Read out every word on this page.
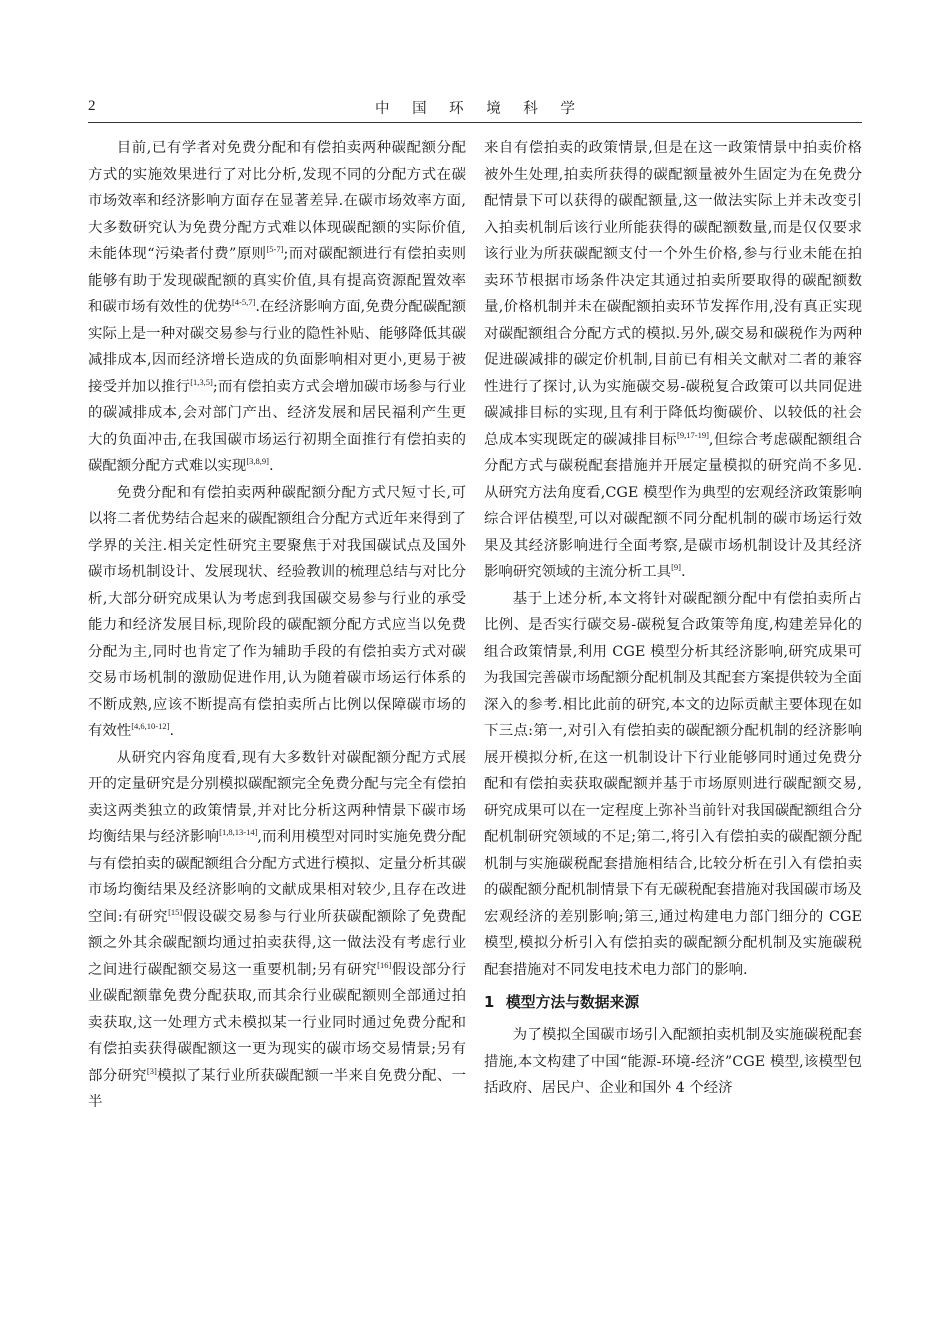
2	中 国 环 境 科 学

目前,已有学者对免费分配和有偿拍卖两种碳配额分配方式的实施效果进行了对比分析,发现不同的分配方式在碳市场效率和经济影响方面存在显著差异.在碳市场效率方面,大多数研究认为免费分配方式难以体现碳配额的实际价值,未能体现“污染者付费”原则[5-7];而对碳配额进行有偿拍卖则能够有助于发现碳配额的真实价值,具有提高资源配置效率和碳市场有效性的优势[4-5,7].在经济影响方面,免费分配碳配额实际上是一种对碳交易参与行业的隐性补贴、能够降低其碳减排成本,因而经济增长造成的负面影响相对更小,更易于被接受并加以推行[1,3,5];而有偿拍卖方式会增加碳市场参与行业的碳减排成本,会对部门产出、经济发展和居民福利产生更大的负面冲击,在我国碳市场运行初期全面推行有偿拍卖的碳配额分配方式难以实现[3,8,9].

免费分配和有偿拍卖两种碳配额分配方式尺短寸长,可以将二者优势结合起来的碳配额组合分配方式近年来得到了学界的关注.相关定性研究主要聚焦于对我国碳试点及国外碳市场机制设计、发展现状、经验教训的梳理总结与对比分析,大部分研究成果认为考虑到我国碳交易参与行业的承受能力和经济发展目标,现阶段的碳配额分配方式应当以免费分配为主,同时也肯定了作为辅助手段的有偿拍卖方式对碳交易市场机制的激励促进作用,认为随着碳市场运行体系的不断成熟,应该不断提高有偿拍卖所占比例以保障碳市场的有效性[4,6,10-12].

从研究内容角度看,现有大多数针对碳配额分配方式展开的定量研究是分别模拟碳配额完全免费分配与完全有偿拍卖这两类独立的政策情景,并对比分析这两种情景下碳市场均衡结果与经济影响[1,8,13-14],而利用模型对同时实施免费分配与有偿拍卖的碳配额组合分配方式进行模拟、定量分析其碳市场均衡结果及经济影响的文献成果相对较少,且存在改进空间:有研究[15]假设碳交易参与行业所获碳配额除了免费配额之外其余碳配额均通过拍卖获得,这一做法没有考虑行业之间进行碳配额交易这一重要机制;另有研究[16]假设部分行业碳配额靠免费分配获取,而其余行业碳配额则全部通过拍卖获取,这一处理方式未模拟某一行业同时通过免费分配和有偿拍卖获得碳配额这一更为现实的碳市场交易情景;另有部分研究[3]模拟了某行业所获碳配额一半来自免费分配、一半

来自有偿拍卖的政策情景,但是在这一政策情景中拍卖价格被外生处理,拍卖所获得的碳配额量被外生固定为在免费分配情景下可以获得的碳配额量,这一做法实际上并未改变引入拍卖机制后该行业所能获得的碳配额数量,而是仅仅要求该行业为所获碳配额支付一个外生价格,参与行业未能在拍卖环节根据市场条件决定其通过拍卖所要取得的碳配额数量,价格机制并未在碳配额拍卖环节发挥作用,没有真正实现对碳配额组合分配方式的模拟.另外,碳交易和碳税作为两种促进碳减排的碳定价机制,目前已有相关文献对二者的兼容性进行了探讨,认为实施碳交易-碳税复合政策可以共同促进碳减排目标的实现,且有利于降低均衡碳价、以较低的社会总成本实现既定的碳减排目标[9,17-19],但综合考虑碳配额组合分配方式与碳税配套措施并开展定量模拟的研究尚不多见.从研究方法角度看,CGE 模型作为典型的宏观经济政策影响综合评估模型,可以对碳配额不同分配机制的碳市场运行效果及其经济影响进行全面考察,是碳市场机制设计及其经济影响研究领域的主流分析工具[9].

基于上述分析,本文将针对碳配额分配中有偿拍卖所占比例、是否实行碳交易-碳税复合政策等角度,构建差异化的组合政策情景,利用 CGE 模型分析其经济影响,研究成果可为我国完善碳市场配额分配机制及其配套方案提供较为全面深入的参考.相比此前的研究,本文的边际贡献主要体现在如下三点:第一,对引入有偿拍卖的碳配额分配机制的经济影响展开模拟分析,在这一机制设计下行业能够同时通过免费分配和有偿拍卖获取碳配额并基于市场原则进行碳配额交易,研究成果可以在一定程度上弥补当前针对我国碳配额组合分配机制研究领域的不足;第二,将引入有偿拍卖的碳配额分配机制与实施碳税配套措施相结合,比较分析在引入有偿拍卖的碳配额分配机制情景下有无碳税配套措施对我国碳市场及宏观经济的差别影响;第三,通过构建电力部门细分的 CGE 模型,模拟分析引入有偿拍卖的碳配额分配机制及实施碳税配套措施对不同发电技术电力部门的影响.

1 模型方法与数据来源

为了模拟全国碳市场引入配额拍卖机制及实施碳税配套措施,本文构建了中国“能源-环境-经济”CGE 模型,该模型包括政府、居民户、企业和国外 4 个经济
